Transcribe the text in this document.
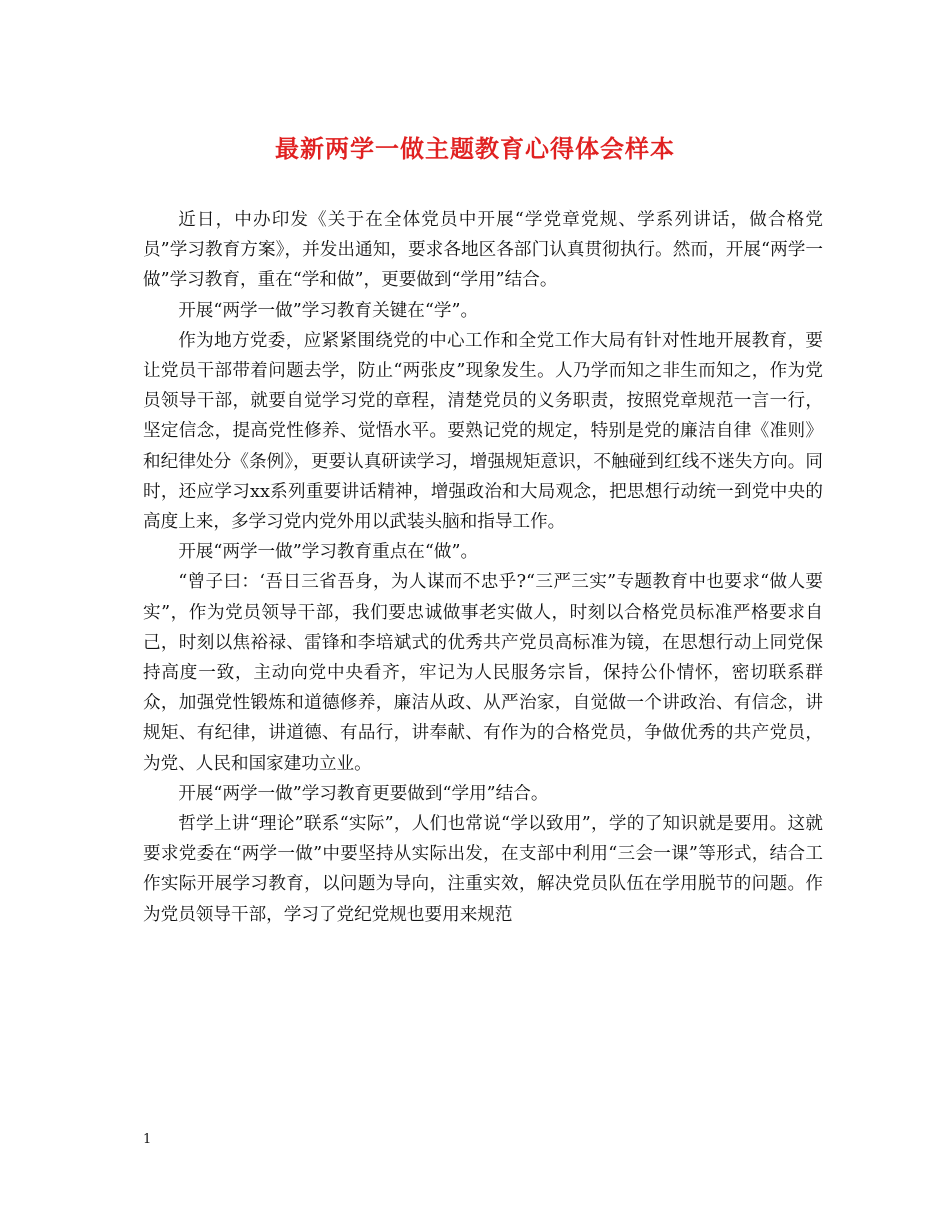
最新两学一做主题教育心得体会样本

近日，中办印发《关于在全体党员中开展“学党章党规、学系列讲话，做合格党员”学习教育方案》，并发出通知，要求各地区各部门认真贯彻执行。然而，开展“两学一做”学习教育，重在“学和做”，更要做到“学用”结合。

开展“两学一做”学习教育关键在“学”。

作为地方党委，应紧紧围绕党的中心工作和全党工作大局有针对性地开展教育，要让党员干部带着问题去学，防止“两张皮”现象发生。人乃学而知之非生而知之，作为党员领导干部，就要自觉学习党的章程，清楚党员的义务职责，按照党章规范一言一行，坚定信念，提高党性修养、觉悟水平。要熟记党的规定，特别是党的廉洁自律《准则》和纪律处分《条例》，更要认真研读学习，增强规矩意识，不触碰到红线不迷失方向。同时，还应学习xx系列重要讲话精神，增强政治和大局观念，把思想行动统一到党中央的高度上来，多学习党内党外用以武装头脑和指导工作。

开展“两学一做”学习教育重点在“做”。

“曾子曰：‘吾日三省吾身，为人谋而不忠乎?“三严三实”专题教育中也要求“做人要实”，作为党员领导干部，我们要忠诚做事老实做人，时刻以合格党员标准严格要求自己，时刻以焦裕禄、雷锋和李培斌式的优秀共产党员高标准为镜，在思想行动上同党保持高度一致，主动向党中央看齐，牢记为人民服务宗旨，保持公仆情怀，密切联系群众，加强党性锻炼和道德修养，廉洁从政、从严治家，自觉做一个讲政治、有信念，讲规矩、有纪律，讲道德、有品行，讲奉献、有作为的合格党员，争做优秀的共产党员，为党、人民和国家建功立业。

开展“两学一做”学习教育更要做到“学用”结合。

哲学上讲“理论”联系“实际”，人们也常说“学以致用”，学的了知识就是要用。这就要求党委在“两学一做”中要坚持从实际出发，在支部中利用“三会一课”等形式，结合工作实际开展学习教育，以问题为导向，注重实效，解决党员队伍在学用脱节的问题。作为党员领导干部，学习了党纪党规也要用来规范

1
